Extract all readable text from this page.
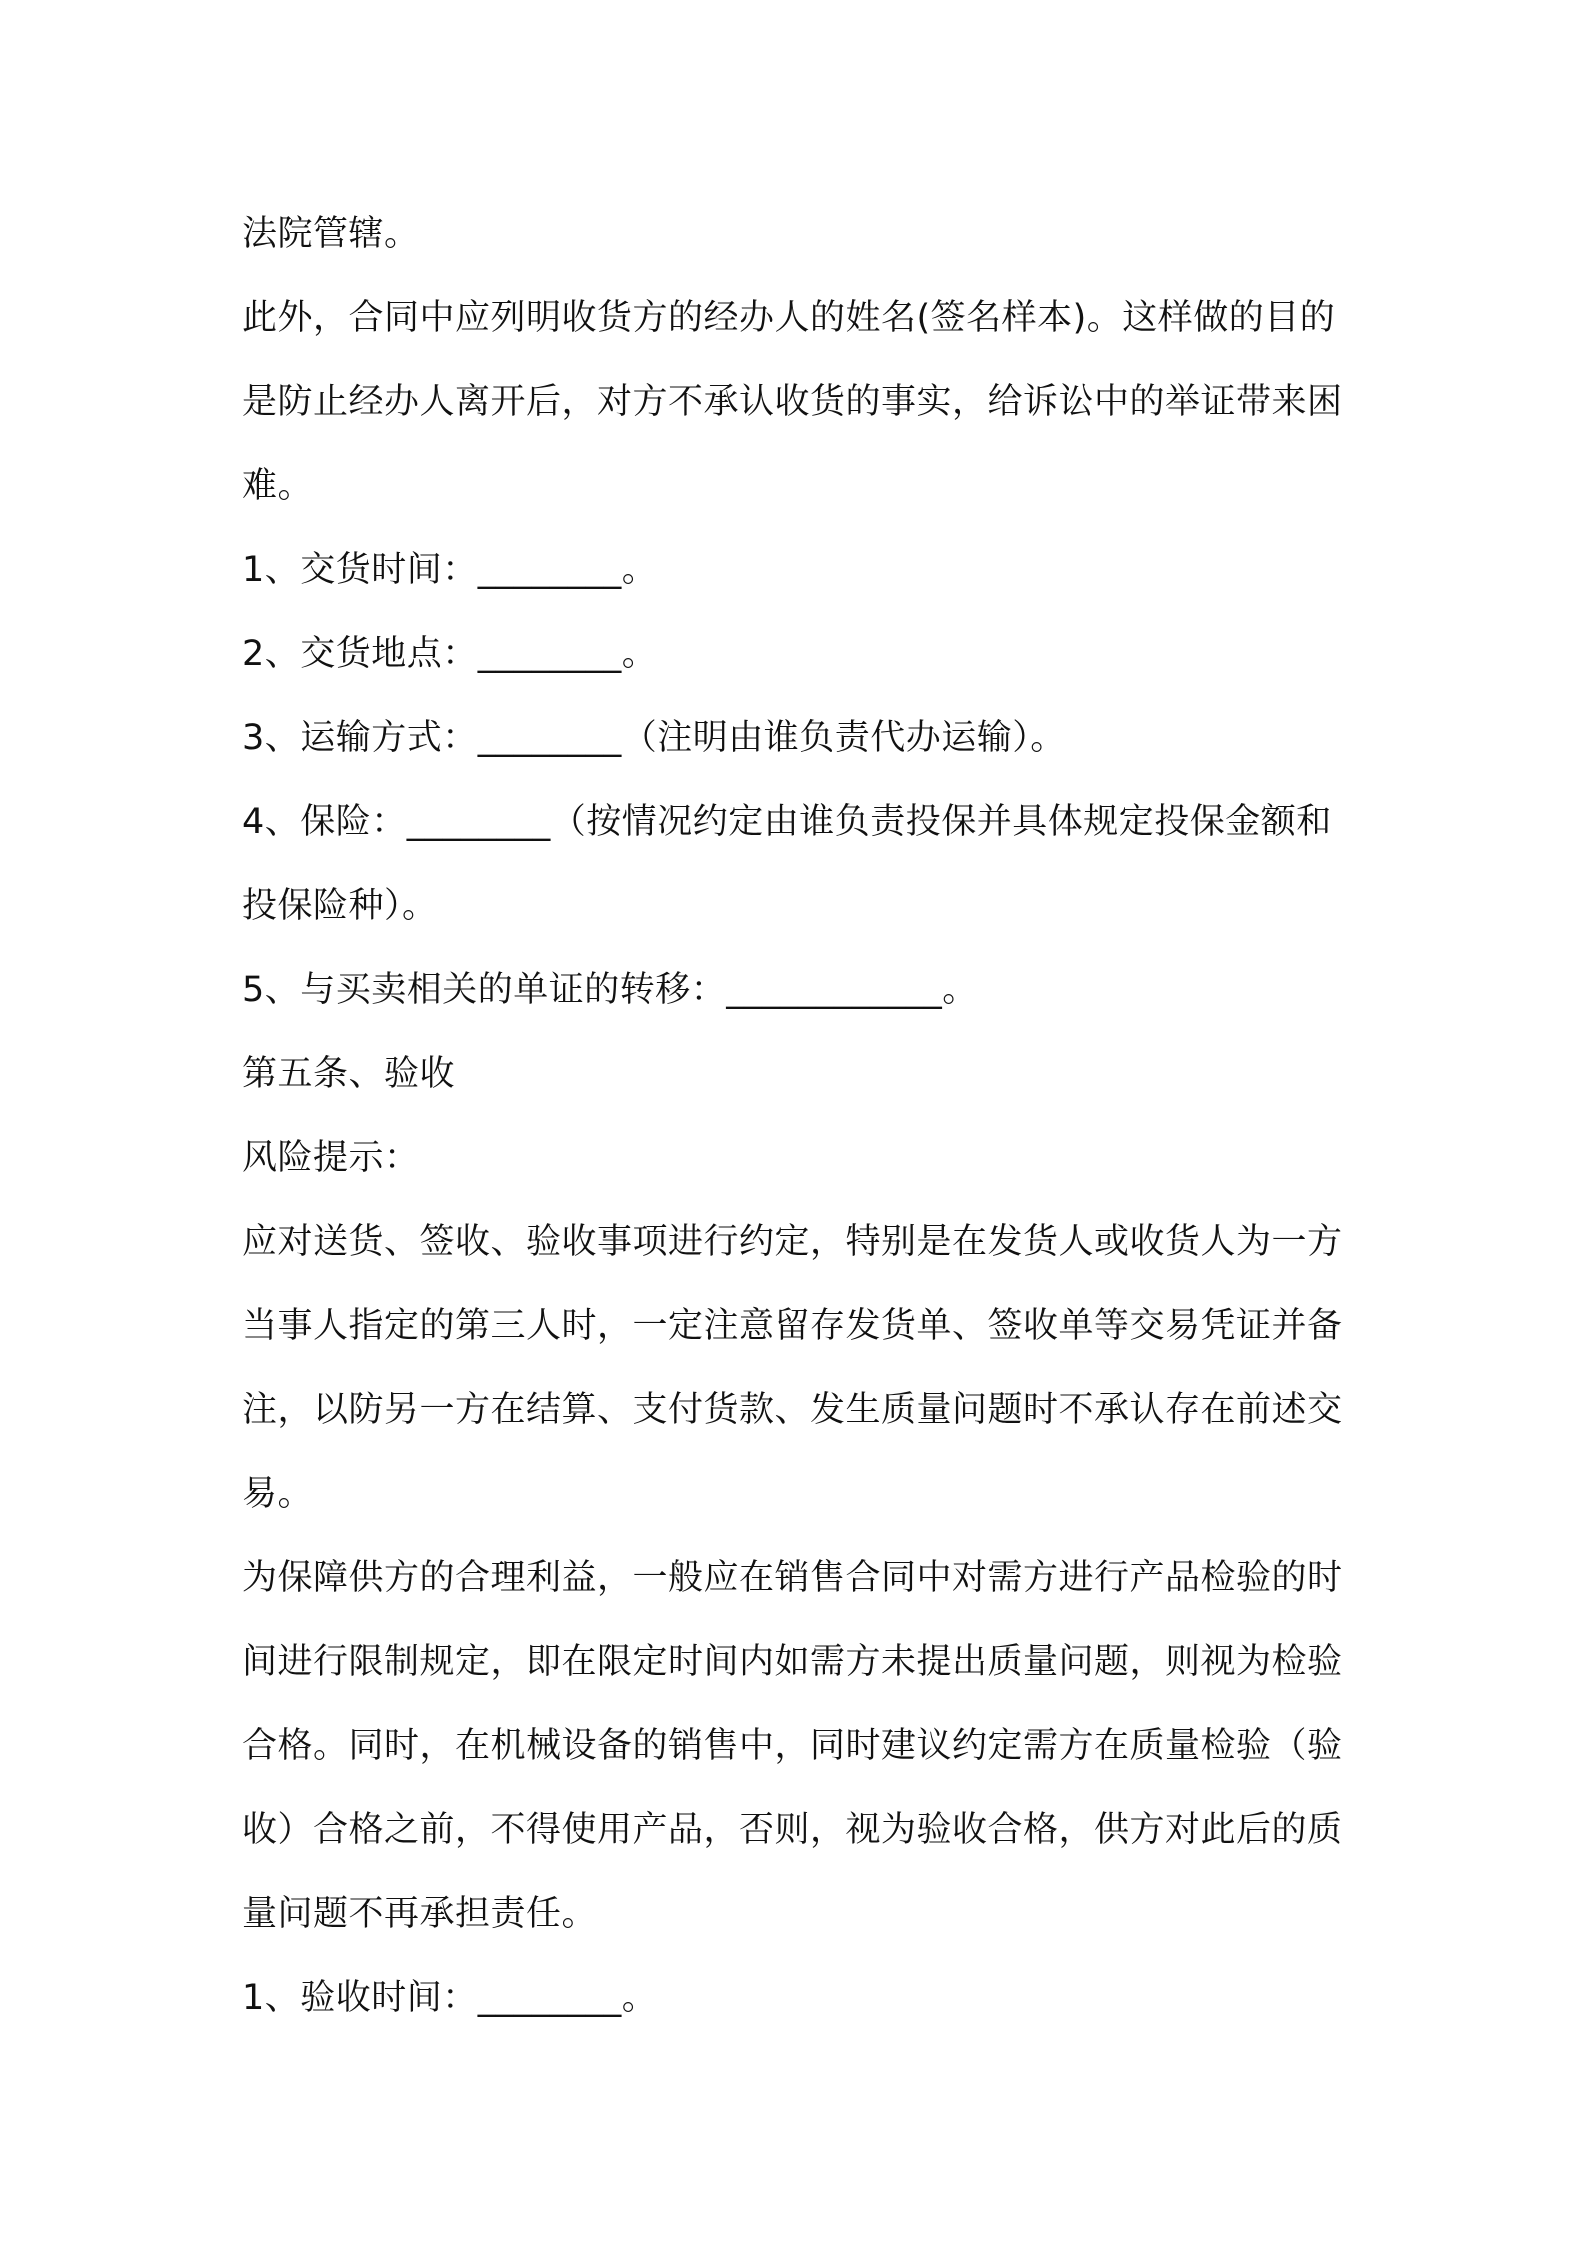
法院管辖。

此外，合同中应列明收货方的经办人的姓名(签名样本)。这样做的目的是防止经办人离开后，对方不承认收货的事实，给诉讼中的举证带来困难。

1、交货时间：________。

2、交货地点：________。

3、运输方式：________（注明由谁负责代办运输）。

4、保险：________（按情况约定由谁负责投保并具体规定投保金额和投保险种）。

5、与买卖相关的单证的转移：____________。

第五条、验收

风险提示：

应对送货、签收、验收事项进行约定，特别是在发货人或收货人为一方当事人指定的第三人时，一定注意留存发货单、签收单等交易凭证并备注，以防另一方在结算、支付货款、发生质量问题时不承认存在前述交易。

为保障供方的合理利益，一般应在销售合同中对需方进行产品检验的时间进行限制规定，即在限定时间内如需方未提出质量问题，则视为检验合格。同时，在机械设备的销售中，同时建议约定需方在质量检验（验收）合格之前，不得使用产品，否则，视为验收合格，供方对此后的质量问题不再承担责任。

1、验收时间：________。
